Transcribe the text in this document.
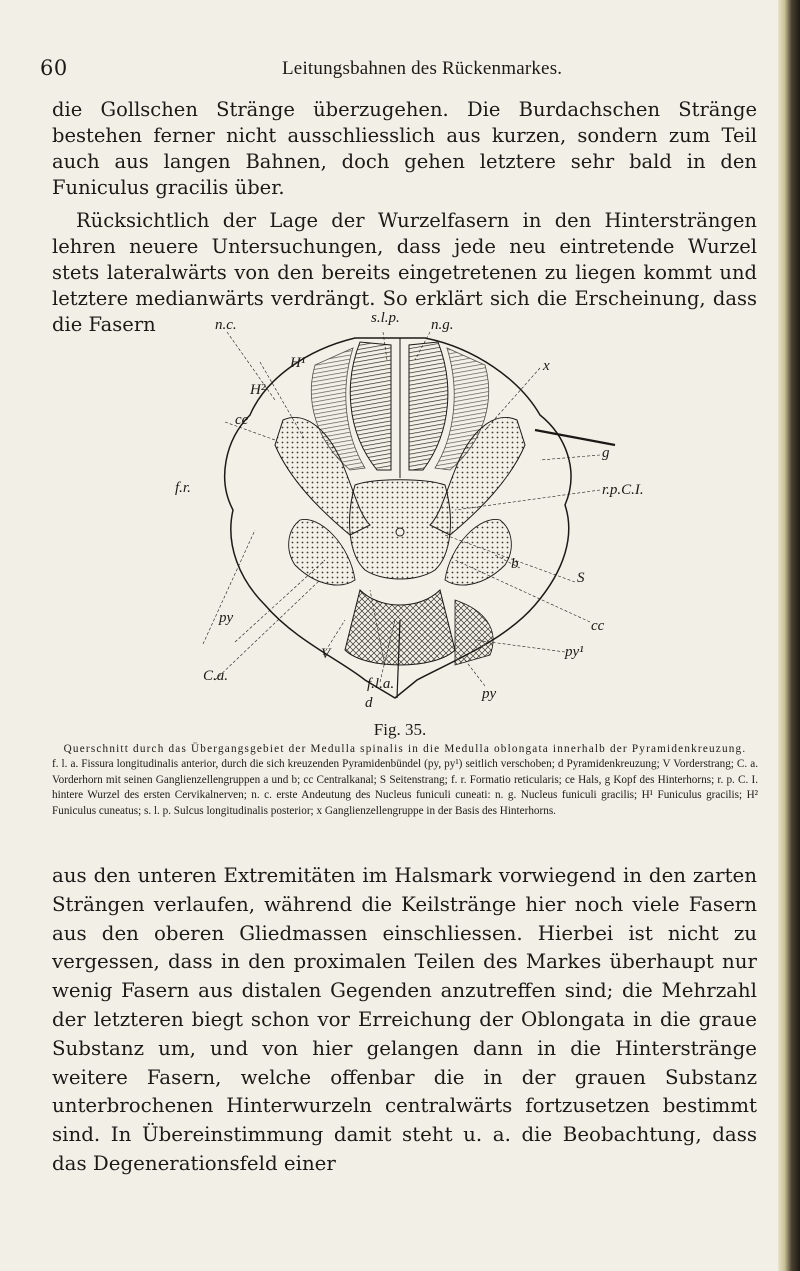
60	Leitungsbahnen des Rückenmarkes.

die Gollschen Stränge überzugehen. Die Burdachschen Stränge bestehen ferner nicht ausschliesslich aus kurzen, sondern zum Teil auch aus langen Bahnen, doch gehen letztere sehr bald in den Funiculus gracilis über.

Rücksichtlich der Lage der Wurzelfasern in den Hintersträngen lehren neuere Untersuchungen, dass jede neu eintretende Wurzel stets lateralwärts von den bereits eingetretenen zu liegen kommt und letztere medianwärts verdrängt. So erklärt sich die Erscheinung, dass die Fasern	n.c.	s.l.p. n.g.
H¹
H²
x
g
ce
r.p.C.I.
f.r.
S
py
b
cc
V
C.a.
py¹
f.l.a.
d
py
Fig. 35.

Querschnitt durch das Übergangsgebiet der Medulla spinalis in die Medulla oblongata innerhalb der Pyramidenkreuzung.
f. l. a. Fissura longitudinalis anterior, durch die sich kreuzenden Pyramidenbündel (py, py¹) seitlich verschoben; d Pyramidenkreuzung; V Vorderstrang; C. a. Vorderhorn mit seinen Ganglienzellengruppen a und b; cc Centralkanal; S Seitenstrang; f. r. Formatio reticularis; ce Hals, g Kopf des Hinterhorns; r. p. C. I. hintere Wurzel des ersten Cervikalnerven; n. c. erste Andeutung des Nucleus funiculi cuneati: n. g. Nucleus funiculi gracilis; H¹ Funiculus gracilis; H² Funiculus cuneatus; s. l. p. Sulcus longitudinalis posterior; x Ganglienzellengruppe in der Basis des Hinterhorns.

aus den unteren Extremitäten im Halsmark vorwiegend in den zarten Strängen verlaufen, während die Keilstränge hier noch viele Fasern aus den oberen Gliedmassen einschliessen. Hierbei ist nicht zu vergessen, dass in den proximalen Teilen des Markes überhaupt nur wenig Fasern aus distalen Gegenden anzutreffen sind; die Mehrzahl der letzteren biegt schon vor Erreichung der Oblongata in die graue Substanz um, und von hier gelangen dann in die Hinterstränge weitere Fasern, welche offenbar die in der grauen Substanz unterbrochenen Hinterwurzeln centralwärts fortzusetzen bestimmt sind. In Übereinstimmung damit steht u. a. die Beobachtung, dass das Degenerationsfeld einer
